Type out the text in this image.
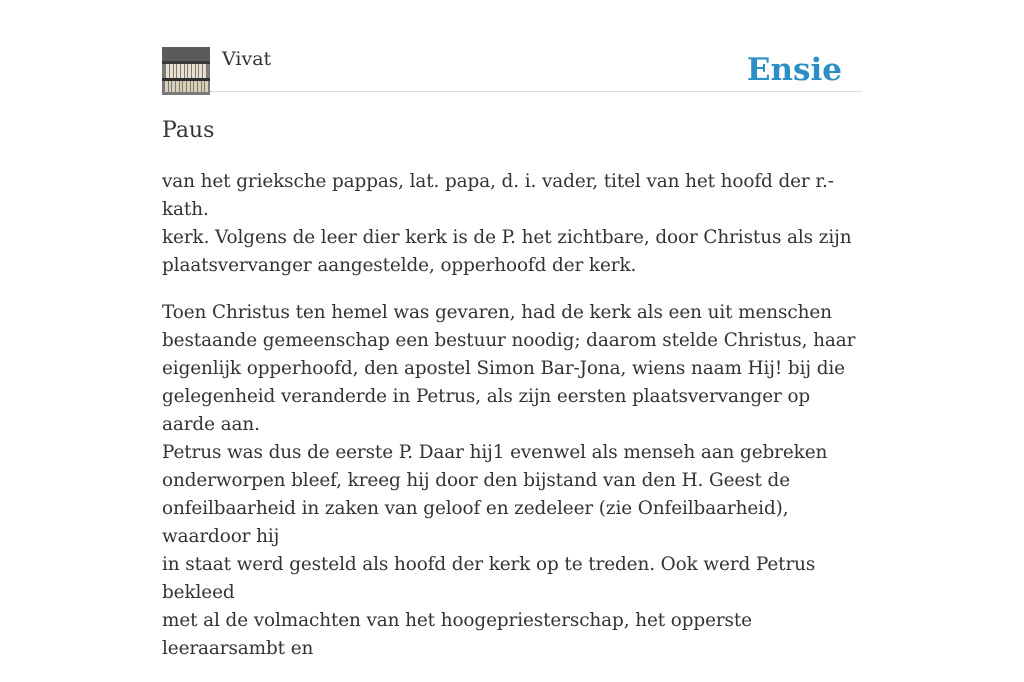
Vivat	Ensie
Paus

van het grieksche pappas, lat. papa, d. i. vader, titel van het hoofd der r.-kath.
kerk. Volgens de leer dier kerk is de P. het zichtbare, door Christus als zijn
plaatsvervanger aangestelde, opperhoofd der kerk.

Toen Christus ten hemel was gevaren, had de kerk als een uit menschen
bestaande gemeenschap een bestuur noodig; daarom stelde Christus, haar
eigenlijk opperhoofd, den apostel Simon Bar-Jona, wiens naam Hij! bij die
gelegenheid veranderde in Petrus, als zijn eersten plaatsvervanger op aarde aan.
Petrus was dus de eerste P. Daar hij1 evenwel als menseh aan gebreken
onderworpen bleef, kreeg hij door den bijstand van den H. Geest de
onfeilbaarheid in zaken van geloof en zedeleer (zie Onfeilbaarheid), waardoor hij
in staat werd gesteld als hoofd der kerk op te treden. Ook werd Petrus bekleed
met al de volmachten van het hoogepriesterschap, het opperste leeraarsambt en
